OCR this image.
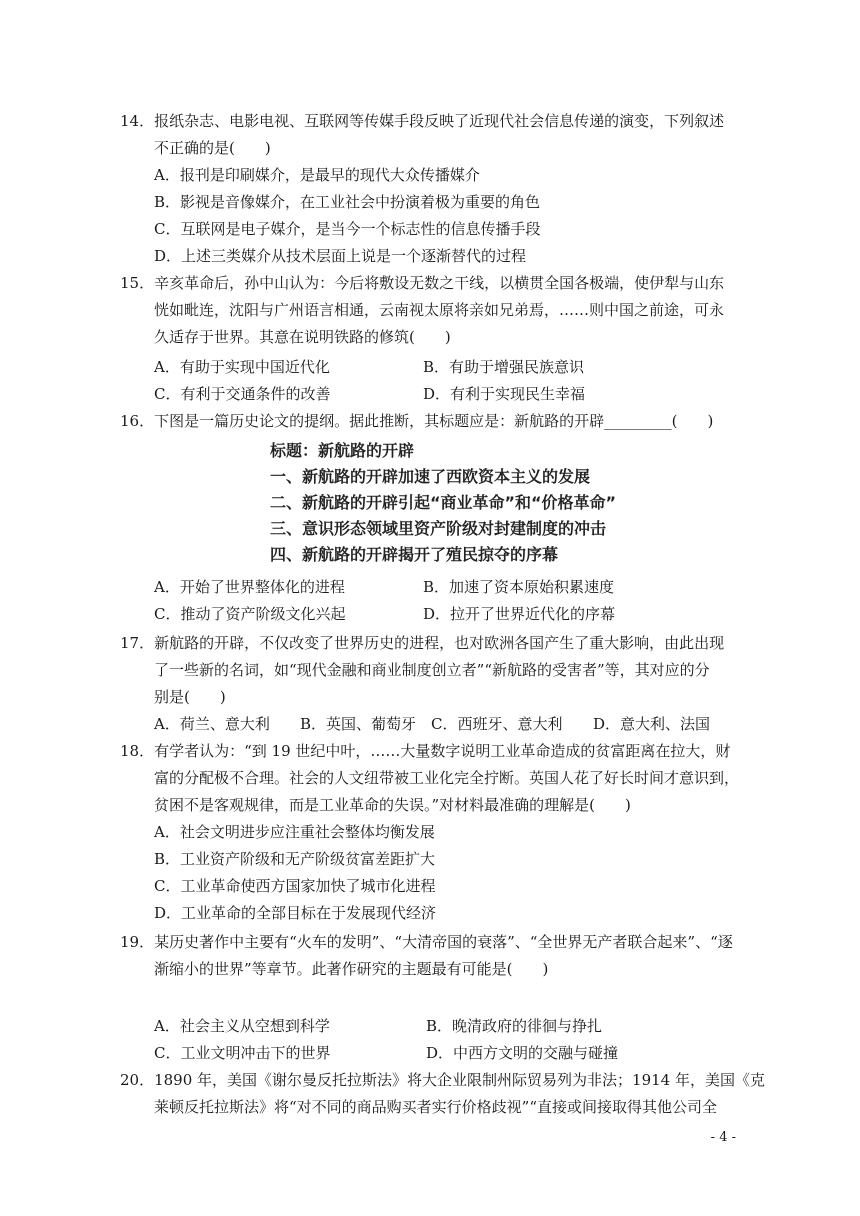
14．报纸杂志、电影电视、互联网等传媒手段反映了近现代社会信息传递的演变，下列叙述
不正确的是(　　)
A．报刊是印刷媒介，是最早的现代大众传播媒介
B．影视是音像媒介，在工业社会中扮演着极为重要的角色
C．互联网是电子媒介，是当今一个标志性的信息传播手段
D．上述三类媒介从技术层面上说是一个逐渐替代的过程
15．辛亥革命后，孙中山认为：今后将敷设无数之干线，以横贯全国各极端，使伊犁与山东
恍如毗连，沈阳与广州语言相通，云南视太原将亲如兄弟焉，……则中国之前途，可永
久适存于世界。其意在说明铁路的修筑(　　)
A．有助于实现中国近代化	B．有助于增强民族意识
C．有利于交通条件的改善	D．有利于实现民生幸福
16．下图是一篇历史论文的提纲。据此推断，其标题应是：新航路的开辟_________(　　)
标题：新航路的开辟
一、新航路的开辟加速了西欧资本主义的发展
二、新航路的开辟引起“商业革命”和“价格革命”
三、意识形态领域里资产阶级对封建制度的冲击
四、新航路的开辟揭开了殖民掠夺的序幕
A．开始了世界整体化的进程	B．加速了资本原始积累速度
C．推动了资产阶级文化兴起	D．拉开了世界近代化的序幕
17．新航路的开辟，不仅改变了世界历史的进程，也对欧洲各国产生了重大影响，由此出现
了一些新的名词，如“现代金融和商业制度创立者”“新航路的受害者”等，其对应的分
别是(　　)
A．荷兰、意大利 B．英国、葡萄牙 C．西班牙、意大利 D．意大利、法国
18．有学者认为：“到 19 世纪中叶，……大量数字说明工业革命造成的贫富距离在拉大，财
富的分配极不合理。社会的人文纽带被工业化完全拧断。英国人花了好长时间才意识到，
贫困不是客观规律，而是工业革命的失误。”对材料最准确的理解是(　　)
A．社会文明进步应注重社会整体均衡发展
B．工业资产阶级和无产阶级贫富差距扩大
C．工业革命使西方国家加快了城市化进程
D．工业革命的全部目标在于发展现代经济
19．某历史著作中主要有“火车的发明”、“大清帝国的衰落”、“全世界无产者联合起来”、“逐
渐缩小的世界”等章节。此著作研究的主题最有可能是(　　)
A．社会主义从空想到科学	B．晚清政府的徘徊与挣扎
C．工业文明冲击下的世界	D．中西方文明的交融与碰撞
20．1890 年，美国《谢尔曼反托拉斯法》将大企业限制州际贸易列为非法；1914 年，美国《克
莱顿反托拉斯法》将“对不同的商品购买者实行价格歧视”“直接或间接取得其他公司全
- 4 -
